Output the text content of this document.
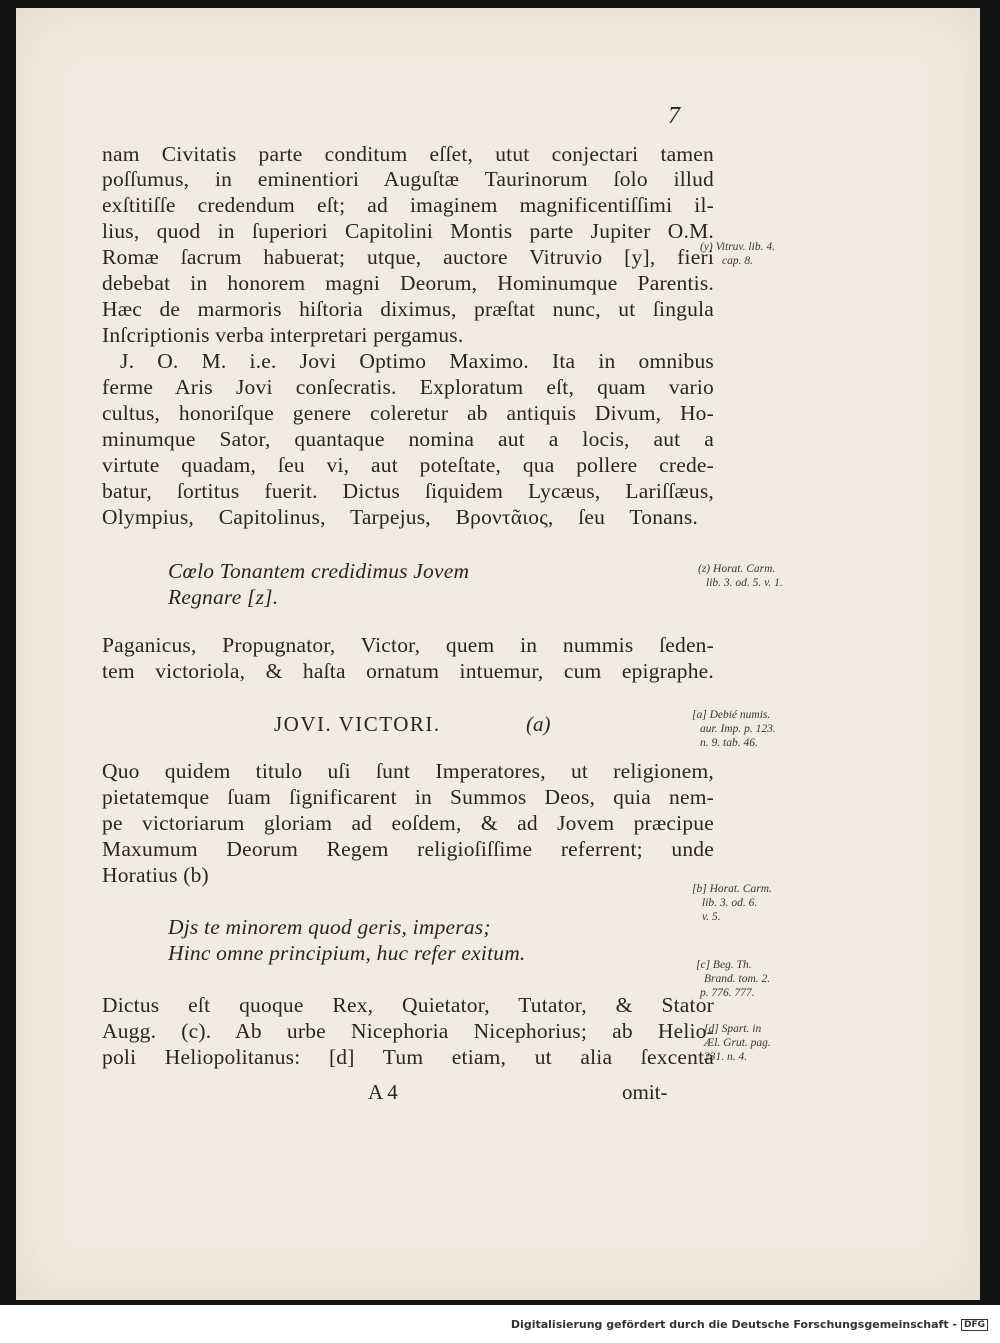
7
nam Civitatis parte conditum eſſet, utut conjectari tamen
poſſumus, in eminentiori Auguſtæ Taurinorum ſolo illud
exſtitiſſe credendum eſt; ad imaginem magnificentiſſimi il-
lius, quod in ſuperiori Capitolini Montis parte Jupiter O.M.
Romæ ſacrum habuerat; utque, auctore Vitruvio [y], fieri
debebat in honorem magni Deorum, Hominumque Parentis.
Hæc de marmoris hiſtoria diximus, præſtat nunc, ut ſingula
Inſcriptionis verba interpretari pergamus.
J. O. M. i.e. Jovi Optimo Maximo. Ita in omnibus
ferme Aris Jovi conſecratis. Exploratum eſt, quam vario
cultus, honoriſque genere coleretur ab antiquis Divum, Ho-
minumque Sator, quantaque nomina aut a locis, aut a
virtute quadam, ſeu vi, aut poteſtate, qua pollere crede-
batur, ſortitus fuerit. Dictus ſiquidem Lycæus, Lariſſæus,
Olympius, Capitolinus, Tarpejus, Βροντᾶιος, ſeu Tonans.
Cœlo Tonantem credidimus Jovem
Regnare [z].
Paganicus, Propugnator, Victor, quem in nummis ſeden-
tem victoriola, & haſta ornatum intuemur, cum epigraphe.
JOVI. VICTORI.	(a)
Quo quidem titulo uſi ſunt Imperatores, ut religionem,
pietatemque ſuam ſignificarent in Summos Deos, quia nem-
pe victoriarum gloriam ad eoſdem, & ad Jovem præcipue
Maxumum Deorum Regem religioſiſſime referrent; unde
Horatius (b)
Djs te minorem quod geris, imperas;
Hinc omne principium, huc refer exitum.
Dictus eſt quoque Rex, Quietator, Tutator, & Stator
Augg. (c). Ab urbe Nicephoria Nicephorius; ab Helio-
poli Heliopolitanus: [d] Tum etiam, ut alia ſexcenta
A 4	omit-
(y) Vitruv. lib. 4.
cap. 8.
(z) Horat. Carm.
lib. 3. od. 5. v. 1.
[a] Debié numis.
aur. Imp. p. 123.
n. 9. tab. 46.
[b] Horat. Carm.
lib. 3. od. 6.
v. 5.
[c] Beg. Th.
Brand. tom. 2.
p. 776. 777.
[d] Spart. in
Æl. Grut. pag.
231. n. 4.
Digitalisierung gefördert durch die Deutsche Forschungsgemeinschaft - DFG
